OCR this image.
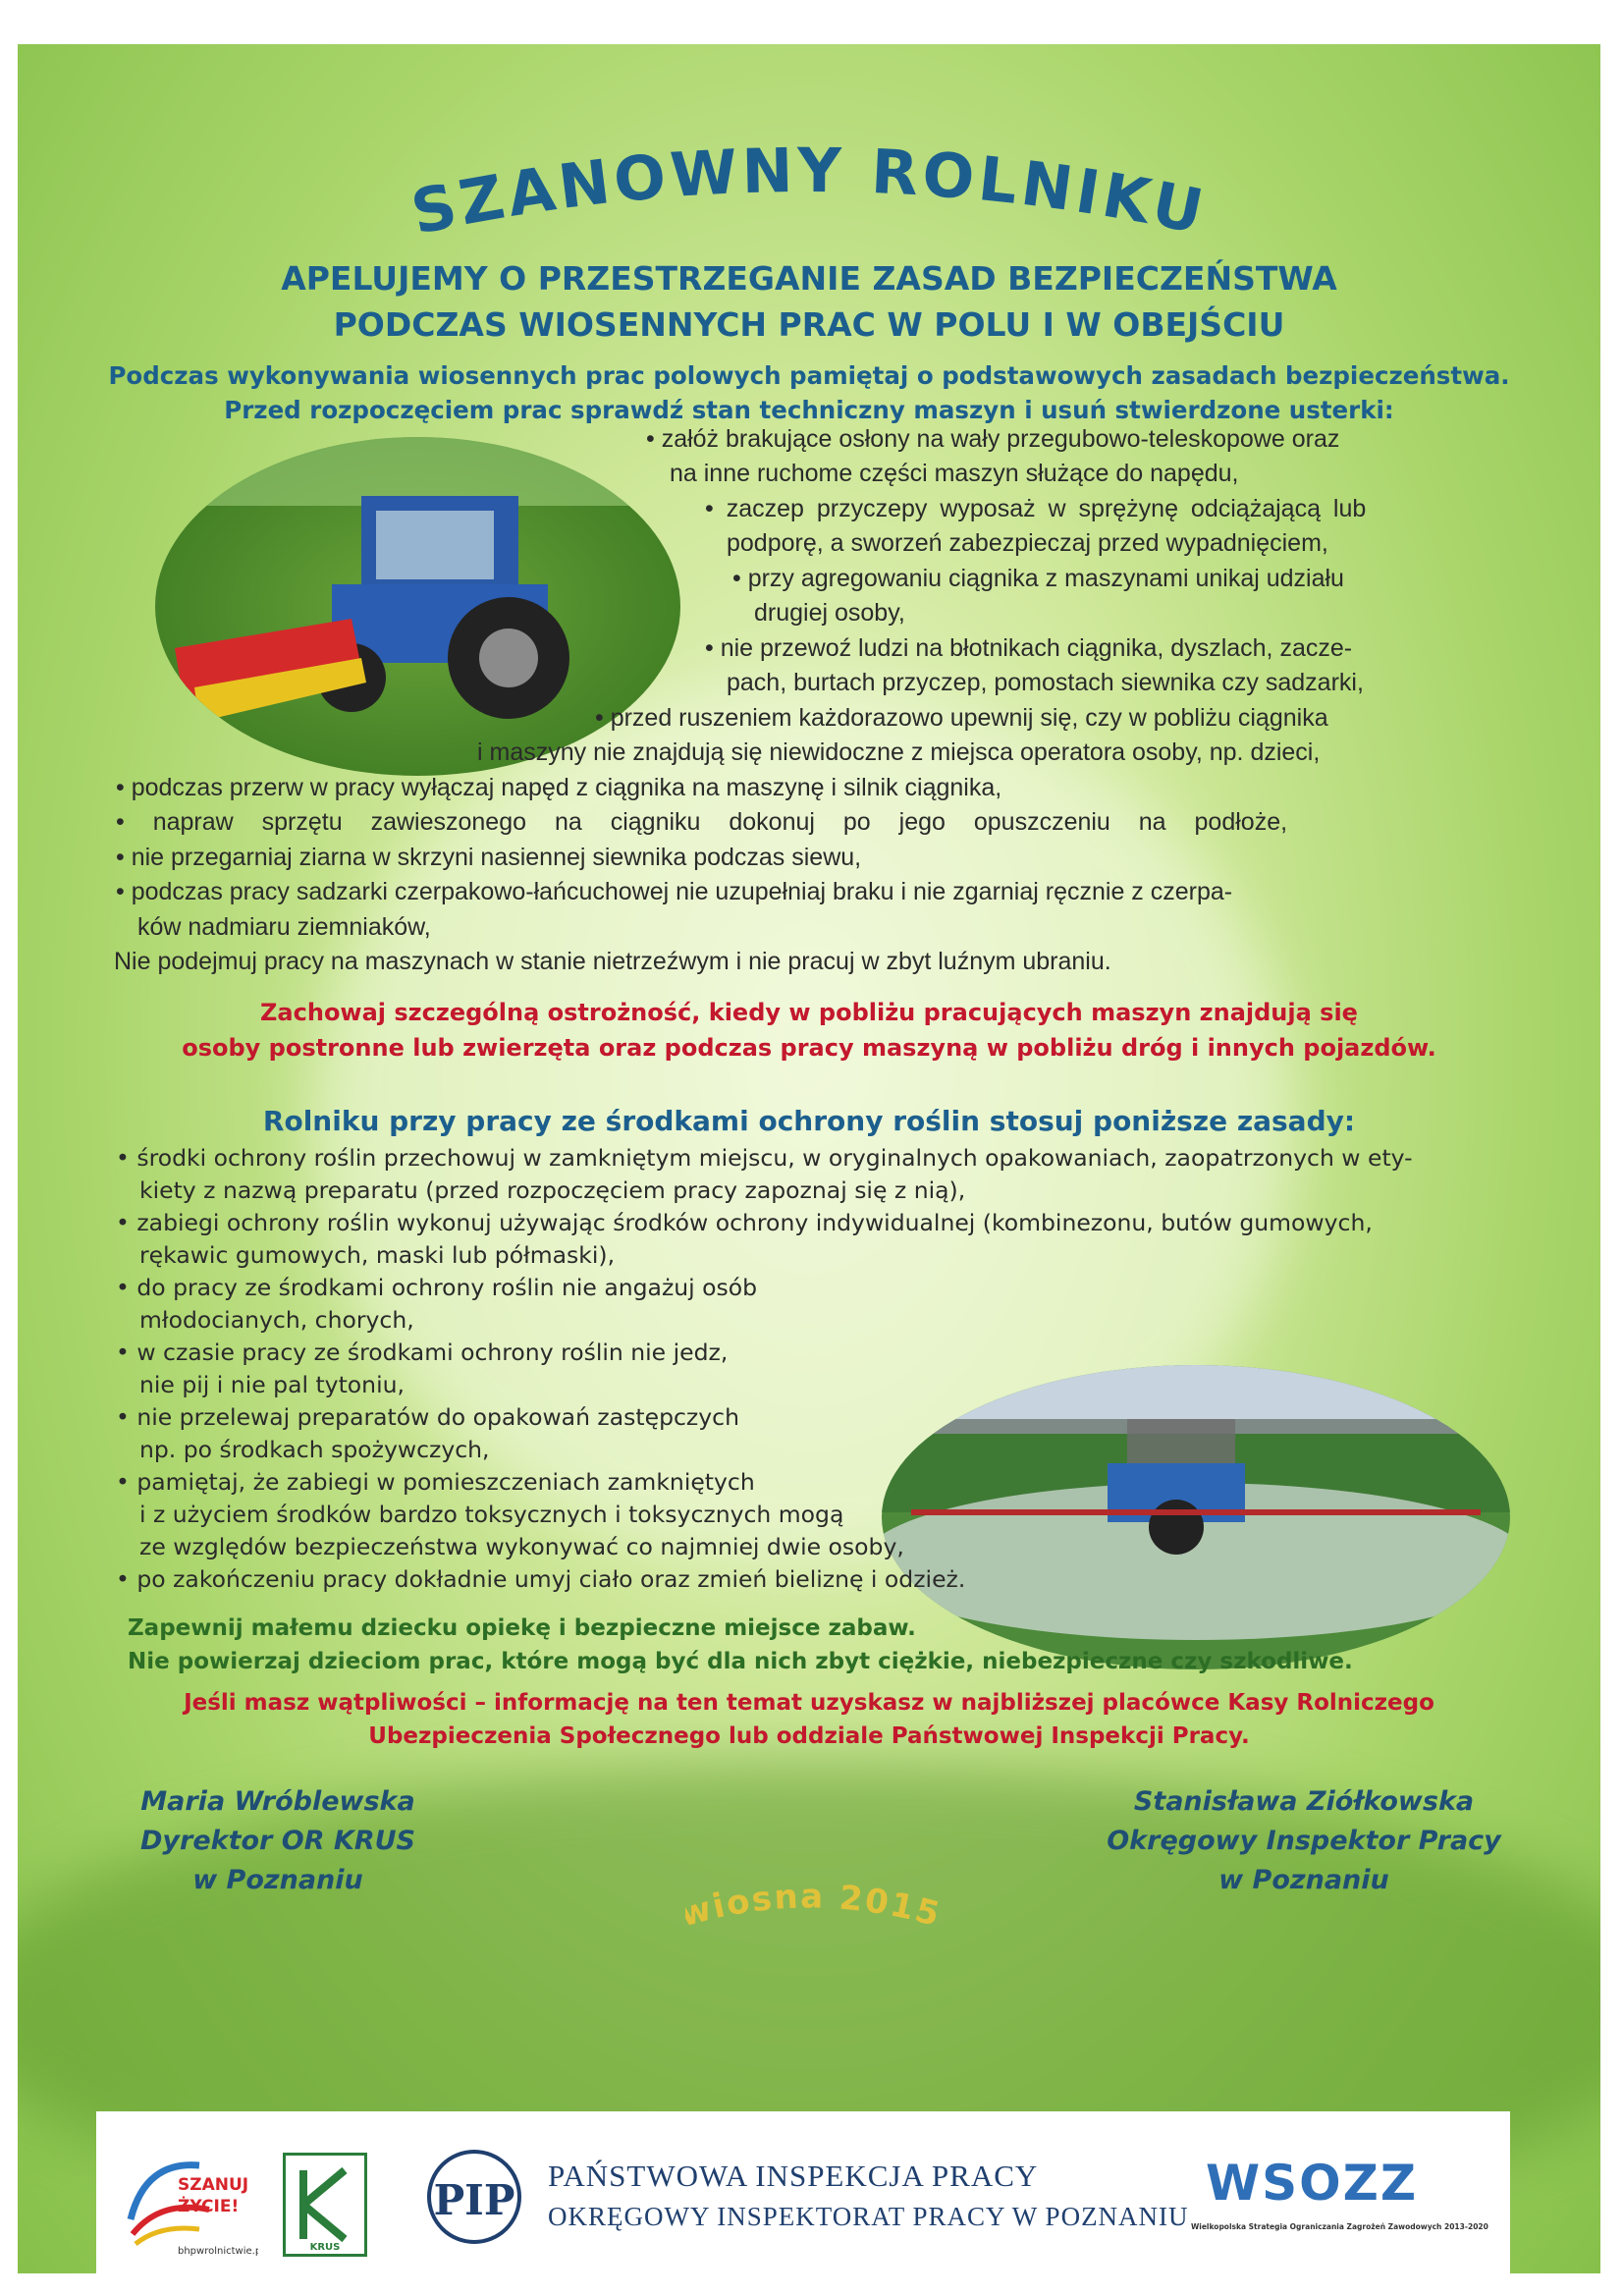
SZANOWNY ROLNIKU
APELUJEMY O PRZESTRZEGANIE ZASAD BEZPIECZEŃSTWA
PODCZAS WIOSENNYCH PRAC W POLU I W OBEJŚCIU
Podczas wykonywania wiosennych prac polowych pamiętaj o podstawowych zasadach bezpieczeństwa.
Przed rozpoczęciem prac sprawdź stan techniczny maszyn i usuń stwierdzone usterki:
• załóż brakujące osłony na wały przegubowo-teleskopowe oraz
na inne ruchome części maszyn służące do napędu,
• zaczep przyczepy wyposaż w sprężynę odciążającą lub
podporę, a sworzeń zabezpieczaj przed wypadnięciem,
• przy agregowaniu ciągnika z maszynami unikaj udziału
drugiej osoby,
• nie przewoź ludzi na błotnikach ciągnika, dyszlach, zacze-
pach, burtach przyczep, pomostach siewnika czy sadzarki,
• przed ruszeniem każdorazowo upewnij się, czy w pobliżu ciągnika
i maszyny nie znajdują się niewidoczne z miejsca operatora osoby, np. dzieci,
• podczas przerw w pracy wyłączaj napęd z ciągnika na maszynę i silnik ciągnika,
• napraw sprzętu zawieszonego na ciągniku dokonuj po jego opuszczeniu na podłoże,
• nie przegarniaj ziarna w skrzyni nasiennej siewnika podczas siewu,
• podczas pracy sadzarki czerpakowo-łańcuchowej nie uzupełniaj braku i nie zgarniaj ręcznie z czerpa-
ków nadmiaru ziemniaków,
Nie podejmuj pracy na maszynach w stanie nietrzeźwym i nie pracuj w zbyt luźnym ubraniu.
Zachowaj szczególną ostrożność, kiedy w pobliżu pracujących maszyn znajdują się
osoby postronne lub zwierzęta oraz podczas pracy maszyną w pobliżu dróg i innych pojazdów.
Rolniku przy pracy ze środkami ochrony roślin stosuj poniższe zasady:
• środki ochrony roślin przechowuj w zamkniętym miejscu, w oryginalnych opakowaniach, zaopatrzonych w ety-
kiety z nazwą preparatu (przed rozpoczęciem pracy zapoznaj się z nią),
• zabiegi ochrony roślin wykonuj używając środków ochrony indywidualnej (kombinezonu, butów gumowych,
rękawic gumowych, maski lub półmaski),
• do pracy ze środkami ochrony roślin nie angażuj osób
młodocianych, chorych,
• w czasie pracy ze środkami ochrony roślin nie jedz,
nie pij i nie pal tytoniu,
• nie przelewaj preparatów do opakowań zastępczych
np. po środkach spożywczych,
• pamiętaj, że zabiegi w pomieszczeniach zamkniętych
i z użyciem środków bardzo toksycznych i toksycznych mogą
ze względów bezpieczeństwa wykonywać co najmniej dwie osoby,
• po zakończeniu pracy dokładnie umyj ciało oraz zmień bieliznę i odzież.
Zapewnij małemu dziecku opiekę i bezpieczne miejsce zabaw.
Nie powierzaj dzieciom prac, które mogą być dla nich zbyt ciężkie, niebezpieczne czy szkodliwe.
Jeśli masz wątpliwości – informację na ten temat uzyskasz w najbliższej placówce Kasy Rolniczego
Ubezpieczenia Społecznego lub oddziale Państwowej Inspekcji Pracy.
Maria Wróblewska
Dyrektor OR KRUS
w Poznaniu
iosna 201
Stanisława Ziółkowska
Okręgowy Inspektor Pracy
w Poznaniu
SZANUJ
ŻYCIE!
bhpwrolnictwie.pl	KRUS
PIP
PAŃSTWOWA INSPEKCJA PRACY
OKRĘGOWY INSPEKTORAT PRACY W POZNANIU
WSOZZ
Wielkopolska Strategia Ograniczania Zagrożeń Zawodowych 2013-2020
